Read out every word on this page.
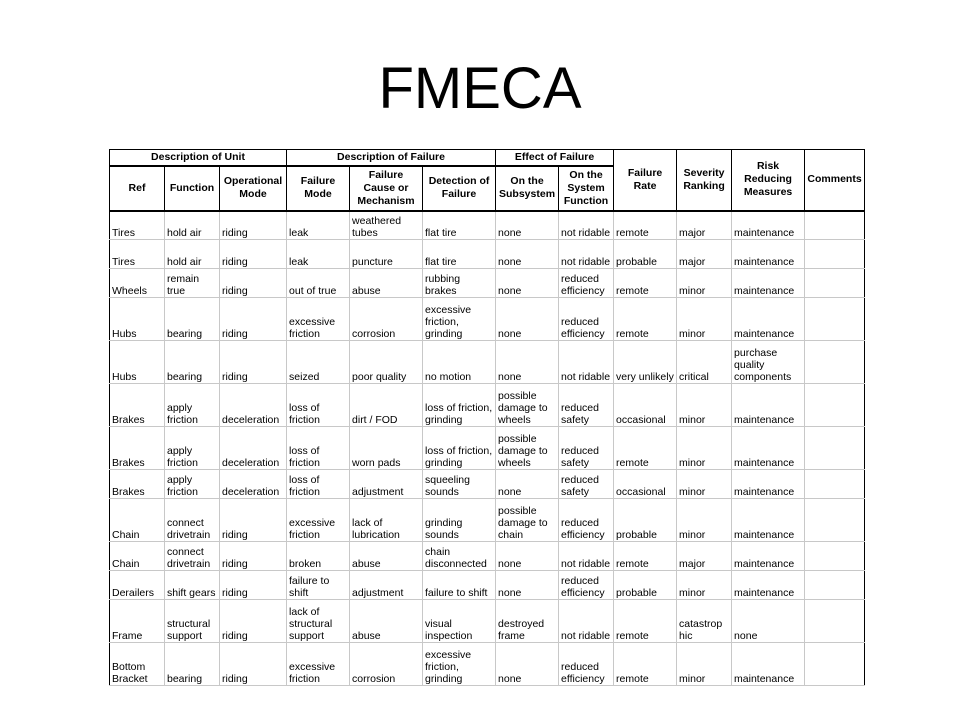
FMECA
Description of Unit			Description of Failure			Effect of Failure		Failure Rate	Severity Ranking	Risk Reducing Measures	Comments
Ref	Function	Operational Mode	Failure Mode	Failure Cause or Mechanism	Detection of Failure	On the Subsystem	On the System Function				
Tires	hold air	riding	leak	weathered tubes	flat tire	none	not ridable	remote	major	maintenance	
Tires	hold air	riding	leak	puncture	flat tire	none	not ridable	probable	major	maintenance	
Wheels	remain true	riding	out of true	abuse	rubbing brakes	none	reduced efficiency	remote	minor	maintenance	
Hubs	bearing	riding	excessive friction	corrosion	excessive friction, grinding	none	reduced efficiency	remote	minor	maintenance	
Hubs	bearing	riding	seized	poor quality	no motion	none	not ridable	very unlikely	critical	purchase quality components	
Brakes	apply friction	deceleration	loss of friction	dirt / FOD	loss of friction, grinding	possible damage to wheels	reduced safety	occasional	minor	maintenance	
Brakes	apply friction	deceleration	loss of friction	worn pads	loss of friction, grinding	possible damage to wheels	reduced safety	remote	minor	maintenance	
Brakes	apply friction	deceleration	loss of friction	adjustment	squeeling sounds	none	reduced safety	occasional	minor	maintenance	
Chain	connect drivetrain	riding	excessive friction	lack of lubrication	grinding sounds	possible damage to chain	reduced efficiency	probable	minor	maintenance	
Chain	connect drivetrain	riding	broken	abuse	chain disconnected	none	not ridable	remote	major	maintenance	
Derailers	shift gears	riding	failure to shift	adjustment	failure to shift	none	reduced efficiency	probable	minor	maintenance	
Frame	structural support	riding	lack of structural support	abuse	visual inspection	destroyed frame	not ridable	remote	catastrop hic	none	
Bottom Bracket	bearing	riding	excessive friction	corrosion	excessive friction, grinding	none	reduced efficiency	remote	minor	maintenance	
